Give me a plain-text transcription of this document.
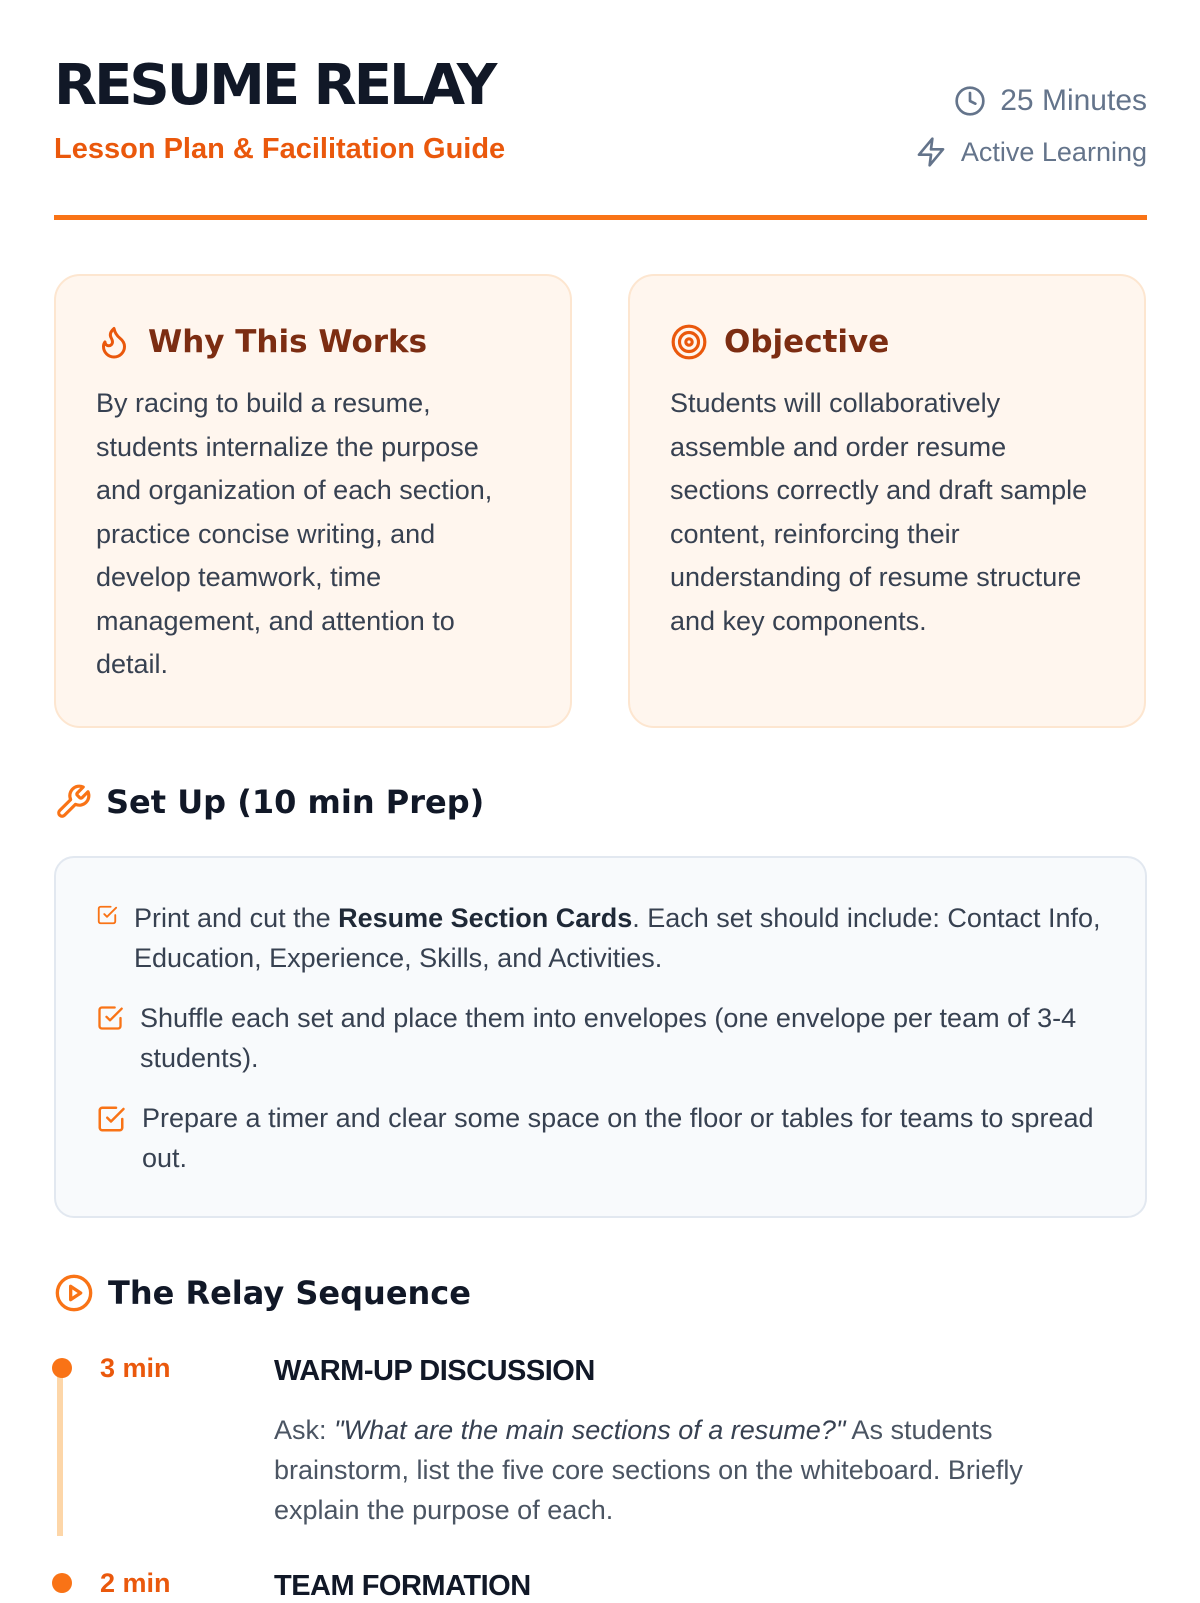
RESUME RELAY
Lesson Plan & Facilitation Guide
25 Minutes
Active Learning
Why This Works
By racing to build a resume, students internalize the purpose and organization of each section, practice concise writing, and develop teamwork, time management, and attention to detail.
Objective
Students will collaboratively assemble and order resume sections correctly and draft sample content, reinforcing their understanding of resume structure and key components.
Set Up (10 min Prep)
Print and cut the Resume Section Cards. Each set should include: Contact Info, Education, Experience, Skills, and Activities.
Shuffle each set and place them into envelopes (one envelope per team of 3-4 students).
Prepare a timer and clear some space on the floor or tables for teams to spread out.
The Relay Sequence
3 min	WARM-UP DISCUSSION
Ask: "What are the main sections of a resume?" As students brainstorm, list the five core sections on the whiteboard. Briefly explain the purpose of each.
2 min	TEAM FORMATION
